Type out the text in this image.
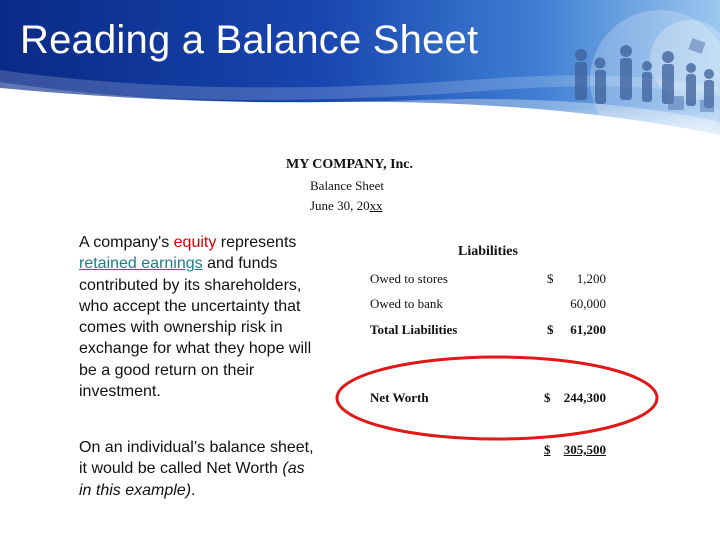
Reading a Balance Sheet
MY COMPANY, Inc.
Balance Sheet
June 30, 20xx
A company's equity represents retained earnings and funds contributed by its shareholders, who accept the uncertainty that comes with ownership risk in exchange for what they hope will be a good return on their investment.
On an individual’s balance sheet, it would be called Net Worth (as in this example).
Liabilities
Owed to stores	$	1,200
Owed to bank	60,000
Total Liabilities	$	61,200
Net Worth	$	244,300
$	305,500
